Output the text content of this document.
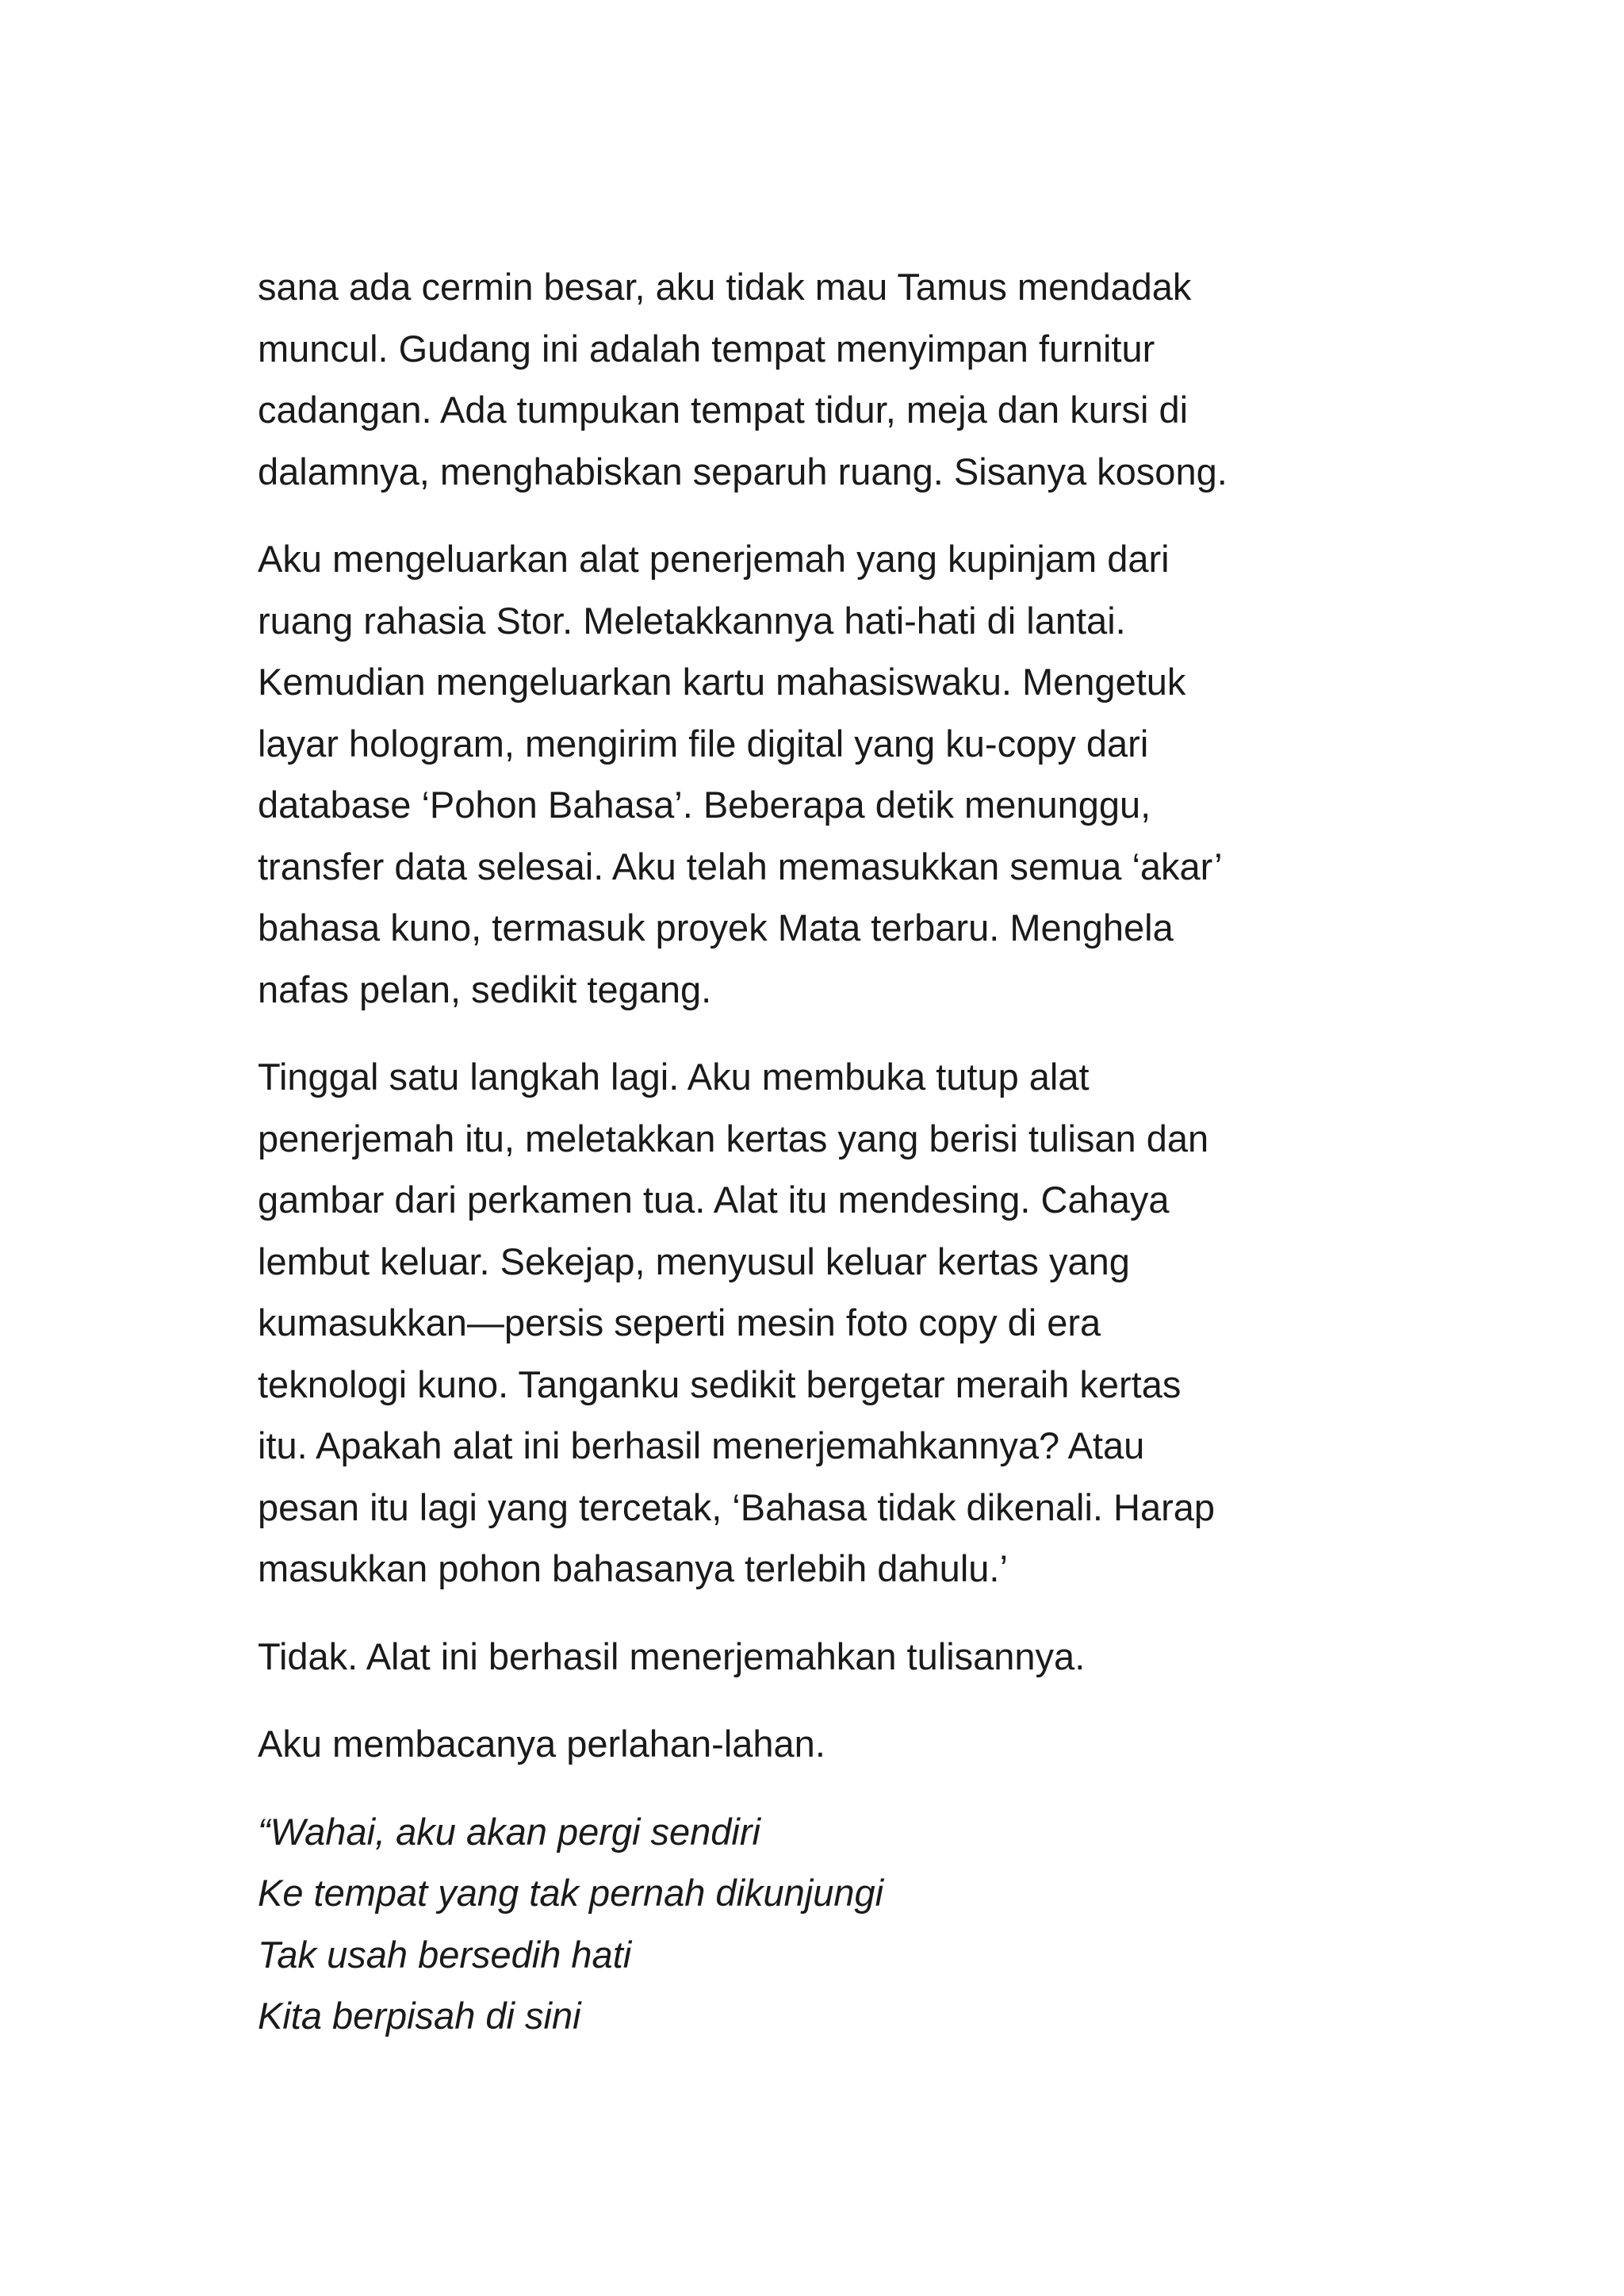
sana ada cermin besar, aku tidak mau Tamus mendadak
muncul. Gudang ini adalah tempat menyimpan furnitur
cadangan. Ada tumpukan tempat tidur, meja dan kursi di
dalamnya, menghabiskan separuh ruang. Sisanya kosong.
Aku mengeluarkan alat penerjemah yang kupinjam dari
ruang rahasia Stor. Meletakkannya hati-hati di lantai.
Kemudian mengeluarkan kartu mahasiswaku. Mengetuk
layar hologram, mengirim file digital yang ku-copy dari
database ‘Pohon Bahasa’. Beberapa detik menunggu,
transfer data selesai. Aku telah memasukkan semua ‘akar’
bahasa kuno, termasuk proyek Mata terbaru. Menghela
nafas pelan, sedikit tegang.
Tinggal satu langkah lagi. Aku membuka tutup alat
penerjemah itu, meletakkan kertas yang berisi tulisan dan
gambar dari perkamen tua. Alat itu mendesing. Cahaya
lembut keluar. Sekejap, menyusul keluar kertas yang
kumasukkan—persis seperti mesin foto copy di era
teknologi kuno. Tanganku sedikit bergetar meraih kertas
itu. Apakah alat ini berhasil menerjemahkannya? Atau
pesan itu lagi yang tercetak, ‘Bahasa tidak dikenali. Harap
masukkan pohon bahasanya terlebih dahulu.’
Tidak. Alat ini berhasil menerjemahkan tulisannya.
Aku membacanya perlahan-lahan.
“Wahai, aku akan pergi sendiri
Ke tempat yang tak pernah dikunjungi
Tak usah bersedih hati
Kita berpisah di sini
